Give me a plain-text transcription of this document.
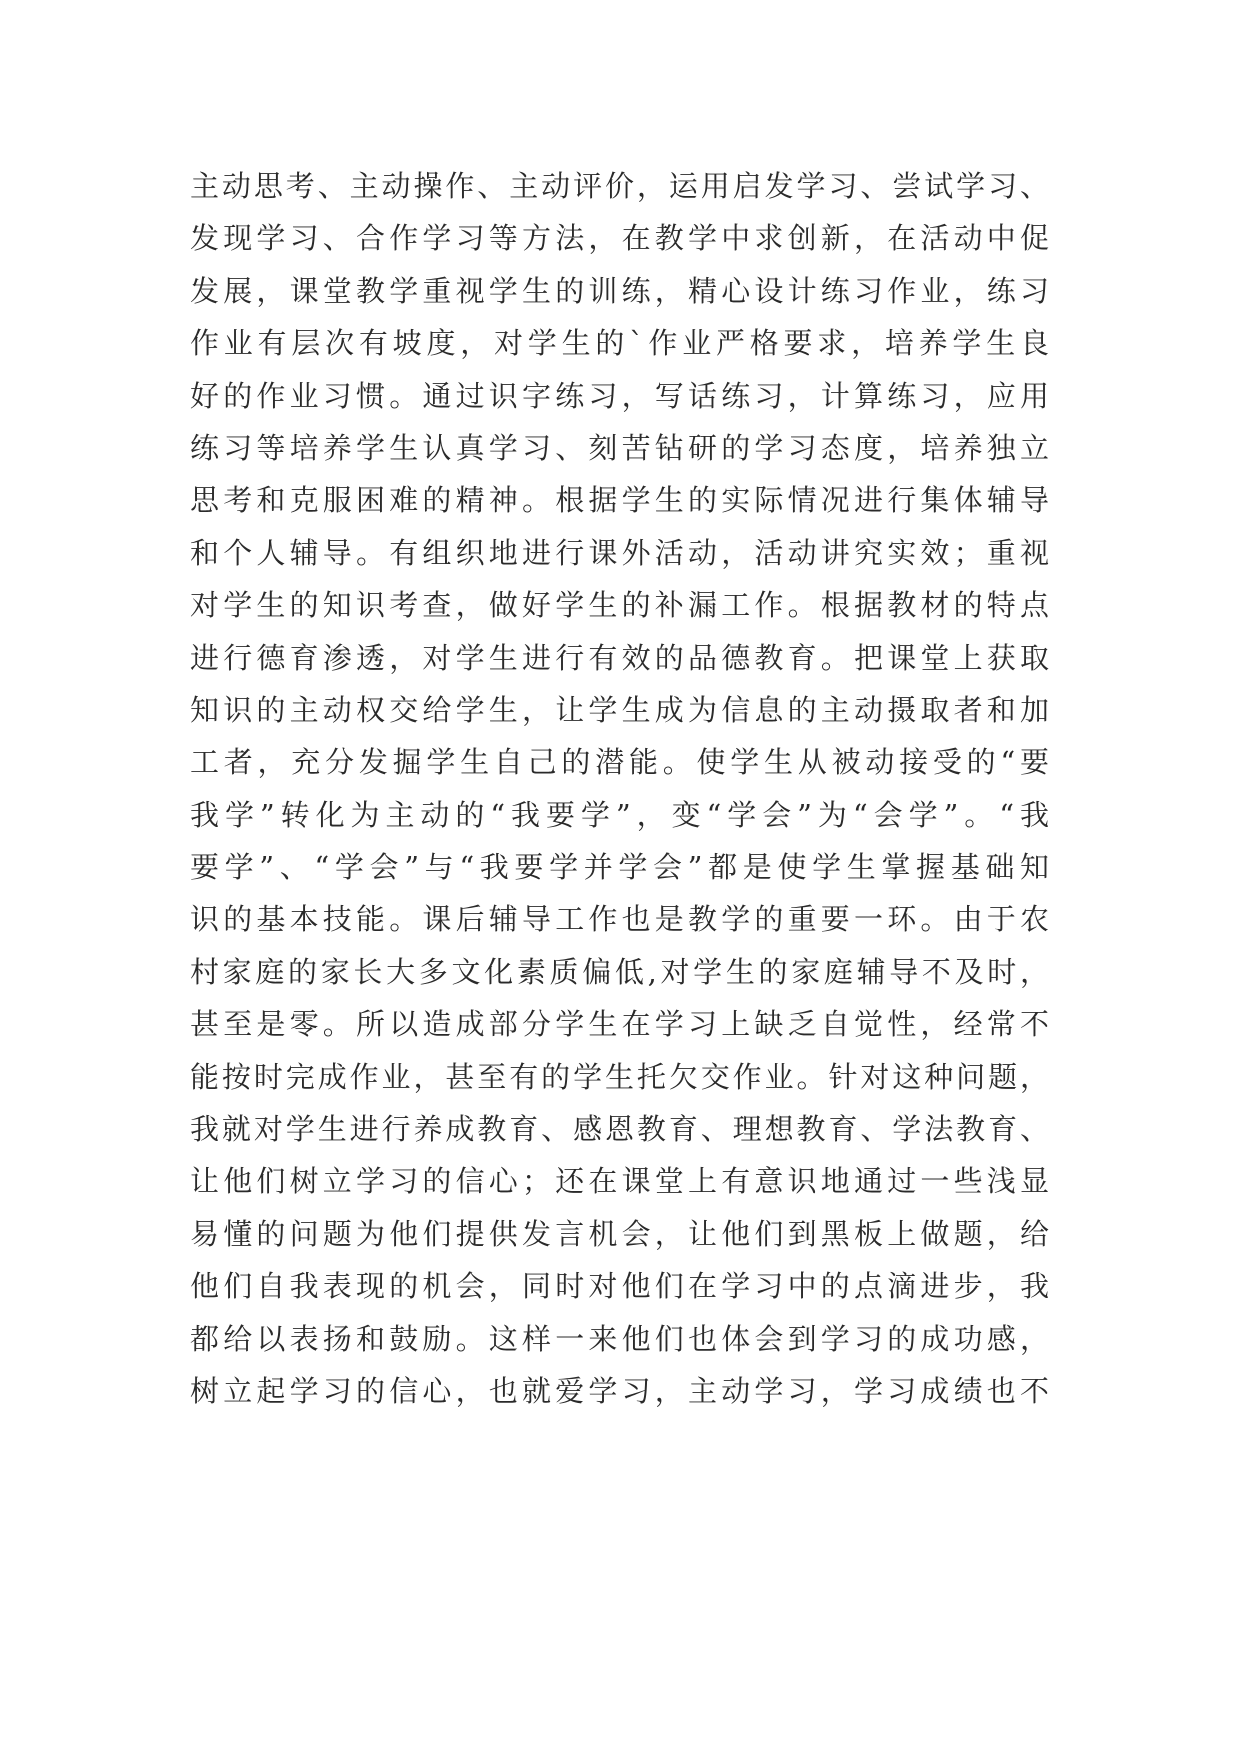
主动思考、主动操作、主动评价，运用启发学习、尝试学习、
发现学习、合作学习等方法，在教学中求创新，在活动中促
发展，课堂教学重视学生的训练，精心设计练习作业，练习
作业有层次有坡度，对学生的`作业严格要求，培养学生良
好的作业习惯。通过识字练习，写话练习，计算练习，应用
练习等培养学生认真学习、刻苦钻研的学习态度，培养独立
思考和克服困难的精神。根据学生的实际情况进行集体辅导
和个人辅导。有组织地进行课外活动，活动讲究实效；重视
对学生的知识考查，做好学生的补漏工作。根据教材的特点
进行德育渗透，对学生进行有效的品德教育。把课堂上获取
知识的主动权交给学生，让学生成为信息的主动摄取者和加
工者，充分发掘学生自己的潜能。使学生从被动接受的“要
我学”转化为主动的“我要学”，变“学会”为“会学”。“我
要学”、“学会”与“我要学并学会”都是使学生掌握基础知
识的基本技能。课后辅导工作也是教学的重要一环。由于农
村家庭的家长大多文化素质偏低,对学生的家庭辅导不及时，
甚至是零。所以造成部分学生在学习上缺乏自觉性，经常不
能按时完成作业，甚至有的学生托欠交作业。针对这种问题，
我就对学生进行养成教育、感恩教育、理想教育、学法教育、
让他们树立学习的信心；还在课堂上有意识地通过一些浅显
易懂的问题为他们提供发言机会，让他们到黑板上做题，给
他们自我表现的机会，同时对他们在学习中的点滴进步，我
都给以表扬和鼓励。这样一来他们也体会到学习的成功感，
树立起学习的信心，也就爱学习，主动学习，学习成绩也不
